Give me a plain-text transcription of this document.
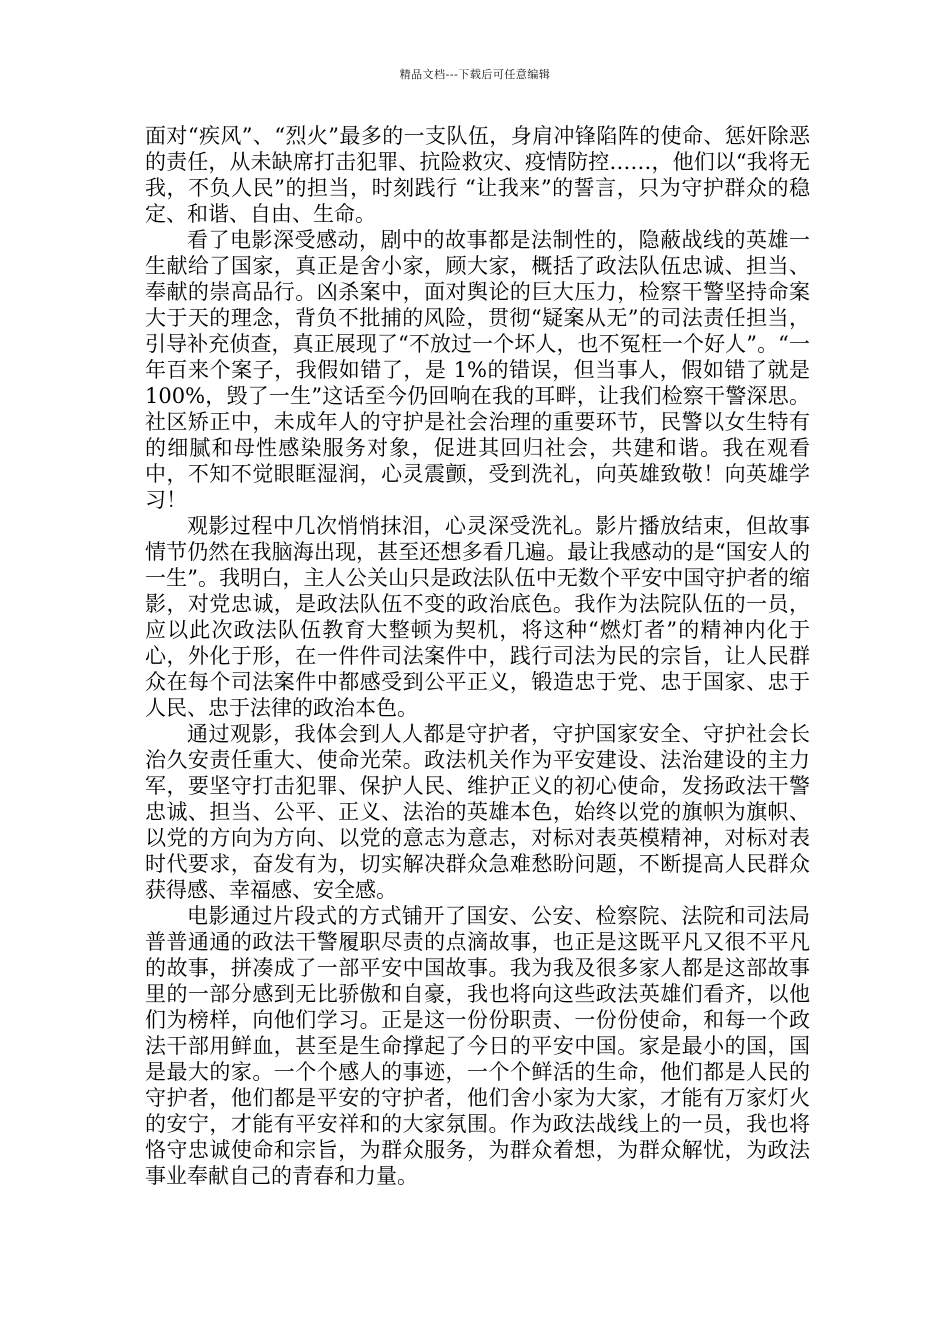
精品文档---下载后可任意编辑

面对“疾风”、“烈火”最多的一支队伍，身肩冲锋陷阵的使命、惩奸除恶的责任，从未缺席打击犯罪、抗险救灾、疫情防控……，他们以“我将无我，不负人民”的担当，时刻践行 “让我来”的誓言，只为守护群众的稳定、和谐、自由、生命。

看了电影深受感动，剧中的故事都是法制性的，隐蔽战线的英雄一生献给了国家，真正是舍小家，顾大家，概括了政法队伍忠诚、担当、奉献的崇高品行。凶杀案中，面对舆论的巨大压力，检察干警坚持命案大于天的理念，背负不批捕的风险，贯彻“疑案从无”的司法责任担当，引导补充侦查，真正展现了“不放过一个坏人，也不冤枉一个好人”。“一年百来个案子，我假如错了，是 1%的错误，但当事人，假如错了就是 100%，毁了一生”这话至今仍回响在我的耳畔，让我们检察干警深思。社区矫正中，未成年人的守护是社会治理的重要环节，民警以女生特有的细腻和母性感染服务对象，促进其回归社会，共建和谐。我在观看中，不知不觉眼眶湿润，心灵震颤，受到洗礼，向英雄致敬！向英雄学习！

观影过程中几次悄悄抹泪，心灵深受洗礼。影片播放结束，但故事情节仍然在我脑海出现，甚至还想多看几遍。最让我感动的是“国安人的一生”。我明白，主人公关山只是政法队伍中无数个平安中国守护者的缩影，对党忠诚，是政法队伍不变的政治底色。我作为法院队伍的一员，应以此次政法队伍教育大整顿为契机，将这种“燃灯者”的精神内化于心，外化于形，在一件件司法案件中，践行司法为民的宗旨，让人民群众在每个司法案件中都感受到公平正义，锻造忠于党、忠于国家、忠于人民、忠于法律的政治本色。

通过观影，我体会到人人都是守护者，守护国家安全、守护社会长治久安责任重大、使命光荣。政法机关作为平安建设、法治建设的主力军，要坚守打击犯罪、保护人民、维护正义的初心使命，发扬政法干警忠诚、担当、公平、正义、法治的英雄本色，始终以党的旗帜为旗帜、以党的方向为方向、以党的意志为意志，对标对表英模精神，对标对表时代要求，奋发有为，切实解决群众急难愁盼问题，不断提高人民群众获得感、幸福感、安全感。

电影通过片段式的方式铺开了国安、公安、检察院、法院和司法局普普通通的政法干警履职尽责的点滴故事，也正是这既平凡又很不平凡的故事，拼凑成了一部平安中国故事。我为我及很多家人都是这部故事里的一部分感到无比骄傲和自豪，我也将向这些政法英雄们看齐，以他们为榜样，向他们学习。正是这一份份职责、一份份使命，和每一个政法干部用鲜血，甚至是生命撑起了今日的平安中国。家是最小的国，国是最大的家。一个个感人的事迹，一个个鲜活的生命，他们都是人民的守护者，他们都是平安的守护者，他们舍小家为大家，才能有万家灯火的安宁，才能有平安祥和的大家氛围。作为政法战线上的一员，我也将恪守忠诚使命和宗旨，为群众服务，为群众着想，为群众解忧，为政法事业奉献自己的青春和力量。
